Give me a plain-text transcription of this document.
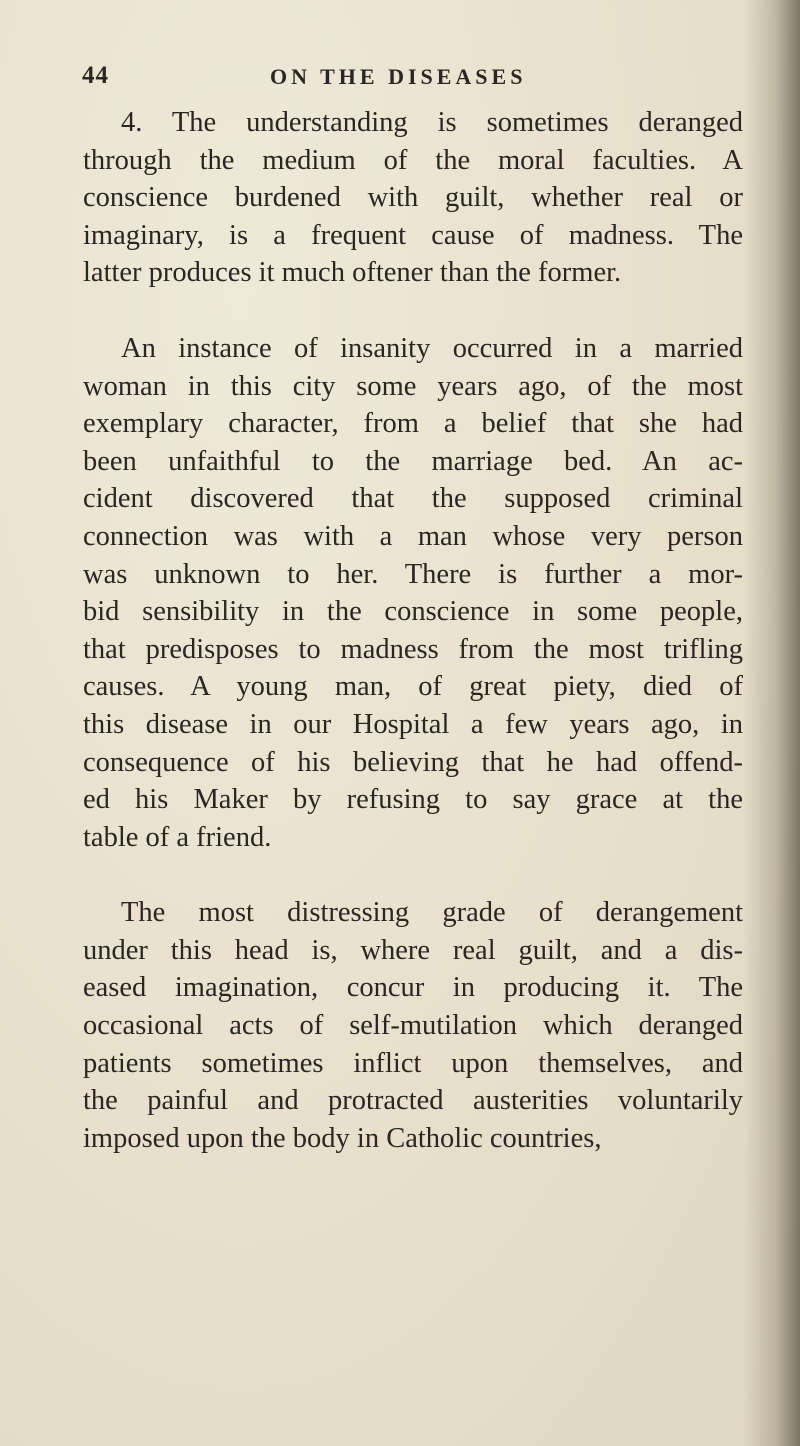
44	ON THE DISEASES

4. The understanding is sometimes deranged
through the medium of the moral faculties. A
conscience burdened with guilt, whether real or
imaginary, is a frequent cause of madness. The
latter produces it much oftener than the former.

An instance of insanity occurred in a married
woman in this city some years ago, of the most
exemplary character, from a belief that she had
been unfaithful to the marriage bed. An ac-
cident discovered that the supposed criminal
connection was with a man whose very person
was unknown to her. There is further a mor-
bid sensibility in the conscience in some people,
that predisposes to madness from the most trifling
causes. A young man, of great piety, died of
this disease in our Hospital a few years ago, in
consequence of his believing that he had offend-
ed his Maker by refusing to say grace at the
table of a friend.

The most distressing grade of derangement
under this head is, where real guilt, and a dis-
eased imagination, concur in producing it. The
occasional acts of self-mutilation which deranged
patients sometimes inflict upon themselves, and
the painful and protracted austerities voluntarily
imposed upon the body in Catholic countries,
